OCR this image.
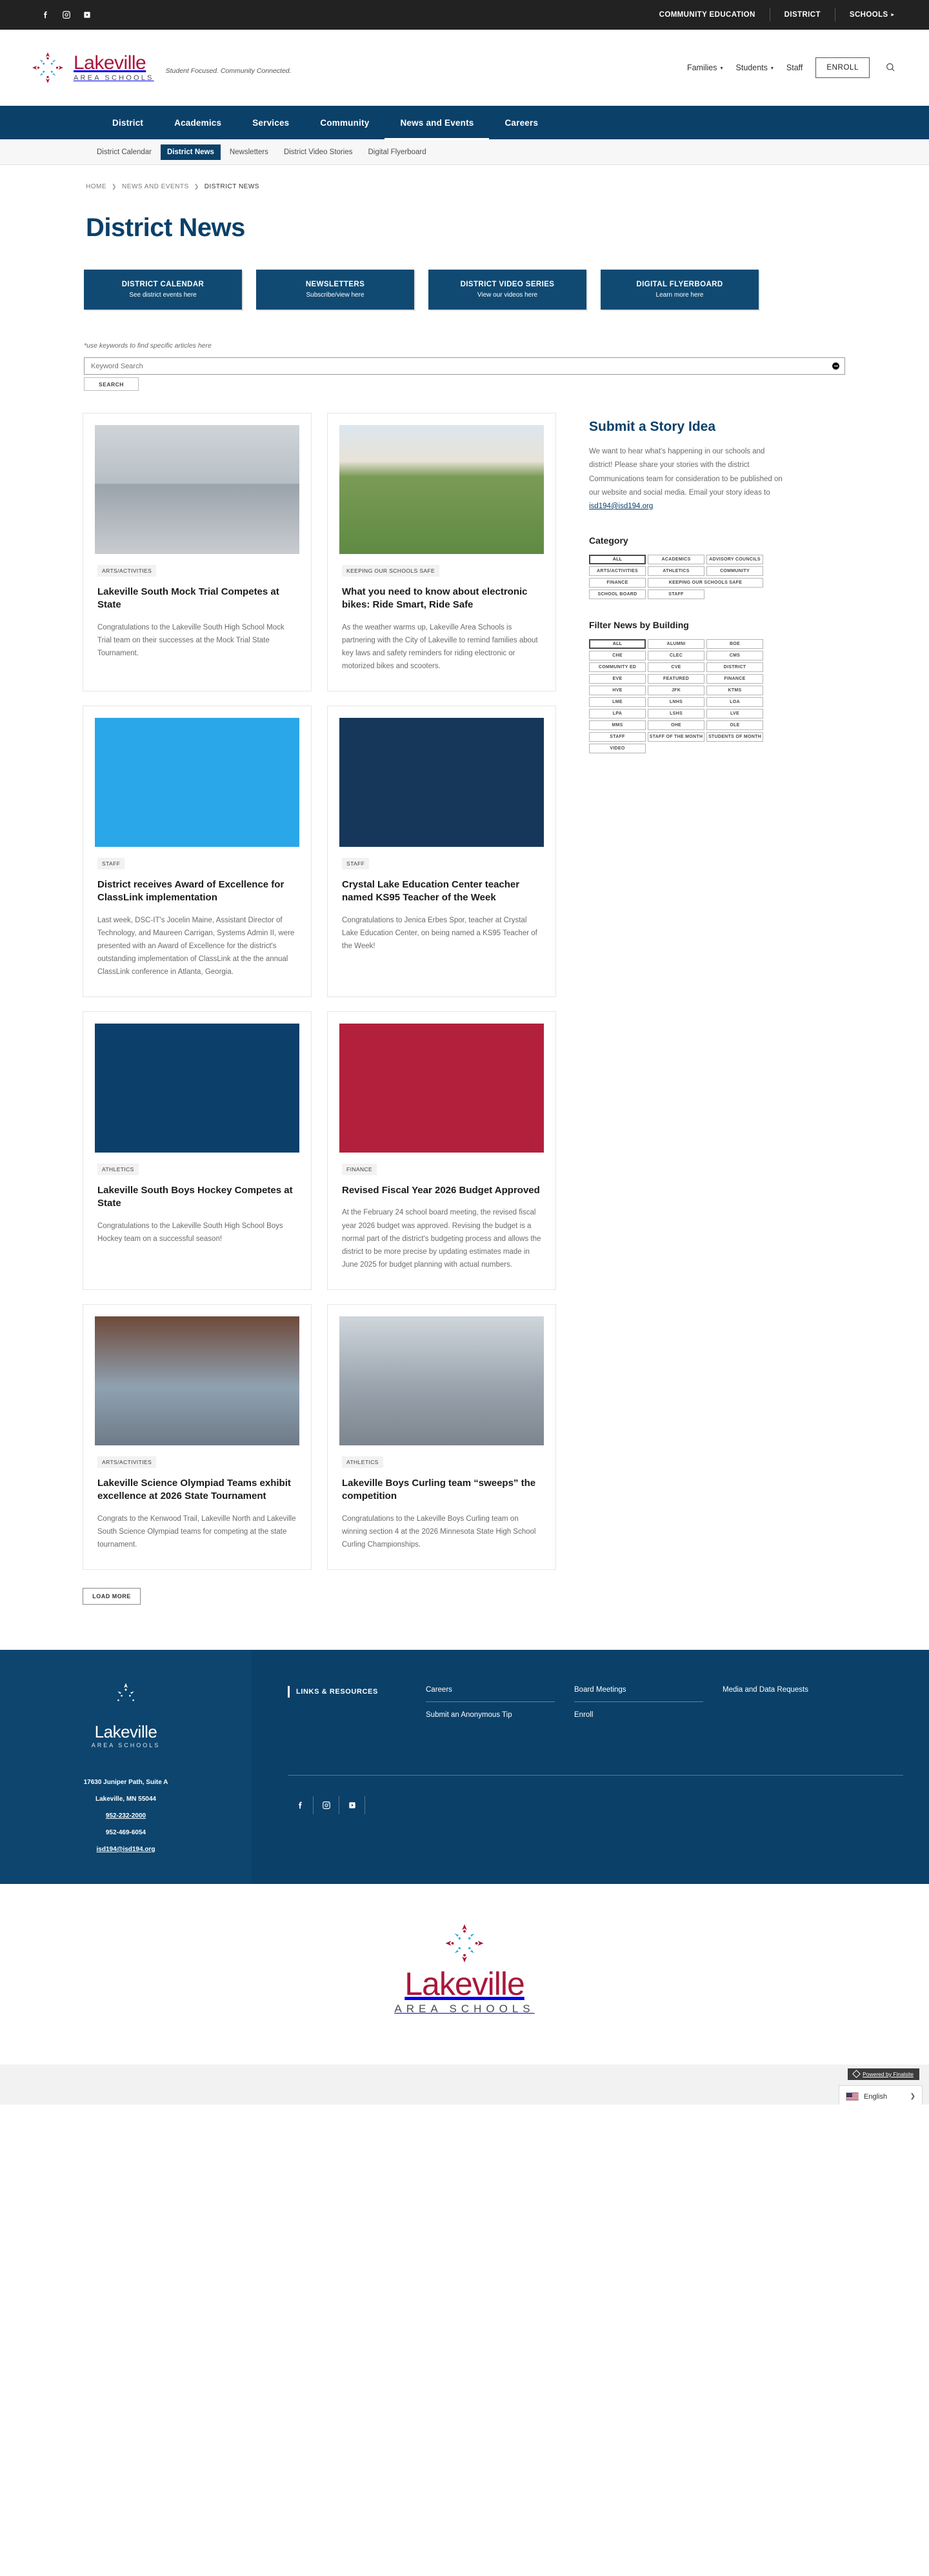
COMMUNITY EDUCATION	DISTRICT	SCHOOLS ▸
Lakeville
AREA SCHOOLS
Student Focused. Community Connected.	Families ▾ Students ▾ Staff	ENROLL
District	Academics	Services	Community	News and Events	Careers
District Calendar	District News	Newsletters	District Video Stories	Digital Flyerboard
HOME ❯ NEWS AND EVENTS ❯ DISTRICT NEWS
District News
DISTRICT CALENDAR
See district events here
NEWSLETTERS
Subscribe/view here
DISTRICT VIDEO SERIES
View our videos here
DIGITAL FLYERBOARD
Learn more here
*use keywords to find specific articles here
Keyword Search
SEARCH
ARTS/ACTIVITIES
Lakeville South Mock Trial Competes at State

Congratulations to the Lakeville South High School Mock Trial team on their successes at the Mock Trial State Tournament.

KEEPING OUR SCHOOLS SAFE
What you need to know about electronic bikes: Ride Smart, Ride Safe

As the weather warms up, Lakeville Area Schools is partnering with the City of Lakeville to remind families about key laws and safety reminders for riding electronic or motorized bikes and scooters.

STAFF
District receives Award of Excellence for ClassLink implementation

Last week, DSC-IT's Jocelin Maine, Assistant Director of Technology, and Maureen Carrigan, Systems Admin II, were presented with an Award of Excellence for the district's outstanding implementation of ClassLink at the the annual ClassLink conference in Atlanta, Georgia.

STAFF
Crystal Lake Education Center teacher named KS95 Teacher of the Week

Congratulations to Jenica Erbes Spor, teacher at Crystal Lake Education Center, on being named a KS95 Teacher of the Week!

ATHLETICS
Lakeville South Boys Hockey Competes at State

Congratulations to the Lakeville South High School Boys Hockey team on a successful season!

FINANCE
Revised Fiscal Year 2026 Budget Approved

At the February 24 school board meeting, the revised fiscal year 2026 budget was approved. Revising the budget is a normal part of the district's budgeting process and allows the district to be more precise by updating estimates made in June 2025 for budget planning with actual numbers.

ARTS/ACTIVITIES
Lakeville Science Olympiad Teams exhibit excellence at 2026 State Tournament

Congrats to the Kenwood Trail, Lakeville North and Lakeville South Science Olympiad teams for competing at the state tournament.

ATHLETICS
Lakeville Boys Curling team “sweeps” the competition

Congratulations to the Lakeville Boys Curling team on winning section 4 at the 2026 Minnesota State High School Curling Championships.

LOAD MORE
Submit a Story Idea

We want to hear what's happening in our schools and district! Please share your stories with the district Communications team for consideration to be published on our website and social media. Email your story ideas to isd194@isd194.org

Category
ALL	ACADEMICS	ADVISORY COUNCILS
ARTS/ACTIVITIES	ATHLETICS	COMMUNITY
FINANCE	KEEPING OUR SCHOOLS SAFE
SCHOOL BOARD	STAFF
Filter News by Building
ALL	ALUMNI	BOE
CHE	CLEC	CMS
COMMUNITY ED	CVE	DISTRICT
EVE	FEATURED	FINANCE
HVE	JFK	KTMS
LME	LNHS	LOA
LPA	LSHS	LVE
MMS	OHE	OLE
STAFF	STAFF OF THE MONTH	STUDENTS OF MONTH
VIDEO
Lakeville
AREA SCHOOLS
17630 Juniper Path, Suite A
Lakeville, MN 55044
952-232-2000
952-469-6054
isd194@isd194.org
LINKS & RESOURCES	Careers
Submit an Anonymous Tip
Board Meetings
Enroll
Media and Data Requests
Lakeville
AREA SCHOOLS
Powered by Finalsite
English	❯
